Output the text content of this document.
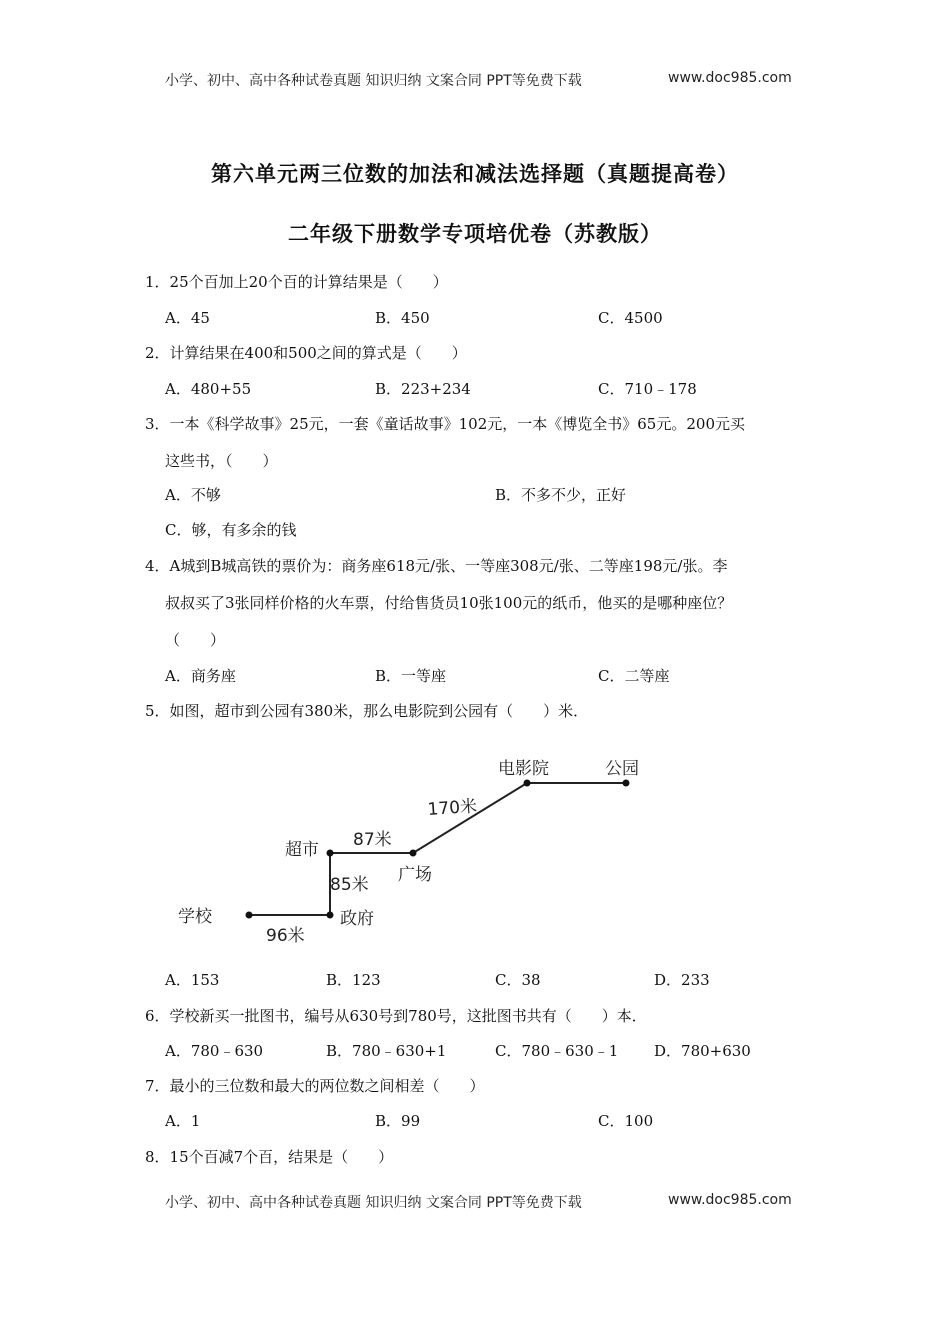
小学、初中、高中各种试卷真题 知识归纳 文案合同 PPT等免费下载	www.doc985.com
第六单元两三位数的加法和减法选择题（真题提高卷）
二年级下册数学专项培优卷（苏教版）
1．25个百加上20个百的计算结果是（　　）
A．45	B．450	C．4500
2．计算结果在400和500之间的算式是（　　）
A．480+55	B．223+234	C．710﹣178
3．一本《科学故事》25元，一套《童话故事》102元，一本《博览全书》65元。200元买
这些书，（　　）
A．不够	B．不多不少，正好
C．够，有多余的钱
4．A城到B城高铁的票价为：商务座618元/张、一等座308元/张、二等座198元/张。李
叔叔买了3张同样价格的火车票，付给售货员10张100元的纸币，他买的是哪种座位？
（　　）
A．商务座	B．一等座	C．二等座
5．如图，超市到公园有380米，那么电影院到公园有（　　）米．
学校	政府
超市
广场
电影院	公园
96米
85米
87米
170米
A．153	B．123	C．38	D．233
6．学校新买一批图书，编号从630号到780号，这批图书共有（　　）本．
A．780﹣630	B．780﹣630+1	C．780﹣630﹣1 D．780+630
7．最小的三位数和最大的两位数之间相差（　　）
A．1	B．99	C．100
8．15个百减7个百，结果是（　　）
小学、初中、高中各种试卷真题 知识归纳 文案合同 PPT等免费下载	www.doc985.com
